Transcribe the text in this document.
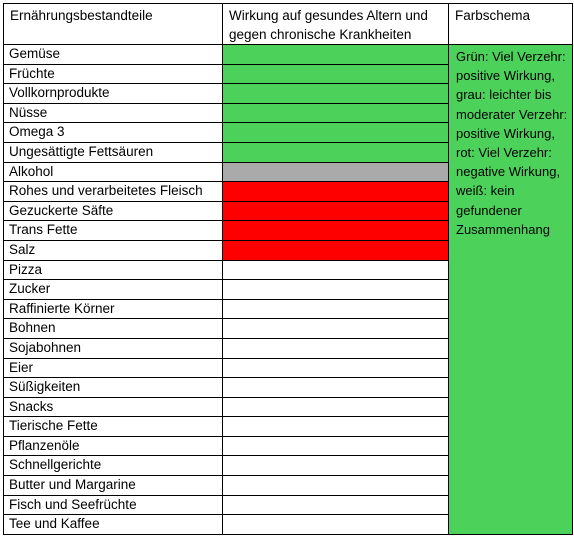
Ernährungsbestandteile	Wirkung auf gesundes Altern und gegen chronische Krankheiten	Farbschema
Gemüse		Grün: Viel Verzehr: positive Wirkung, grau: leichter bis moderater Verzehr: positive Wirkung, rot: Viel Verzehr: negative Wirkung, weiß: kein gefundener Zusammenhang
Früchte		
Vollkornprodukte		
Nüsse		
Omega 3		
Ungesättigte Fettsäuren		
Alkohol		
Rohes und verarbeitetes Fleisch		
Gezuckerte Säfte		
Trans Fette		
Salz		
Pizza		
Zucker		
Raffinierte Körner		
Bohnen		
Sojabohnen		
Eier		
Süßigkeiten		
Snacks		
Tierische Fette		
Pflanzenöle		
Schnellgerichte		
Butter und Margarine		
Fisch und Seefrüchte		
Tee und Kaffee		
